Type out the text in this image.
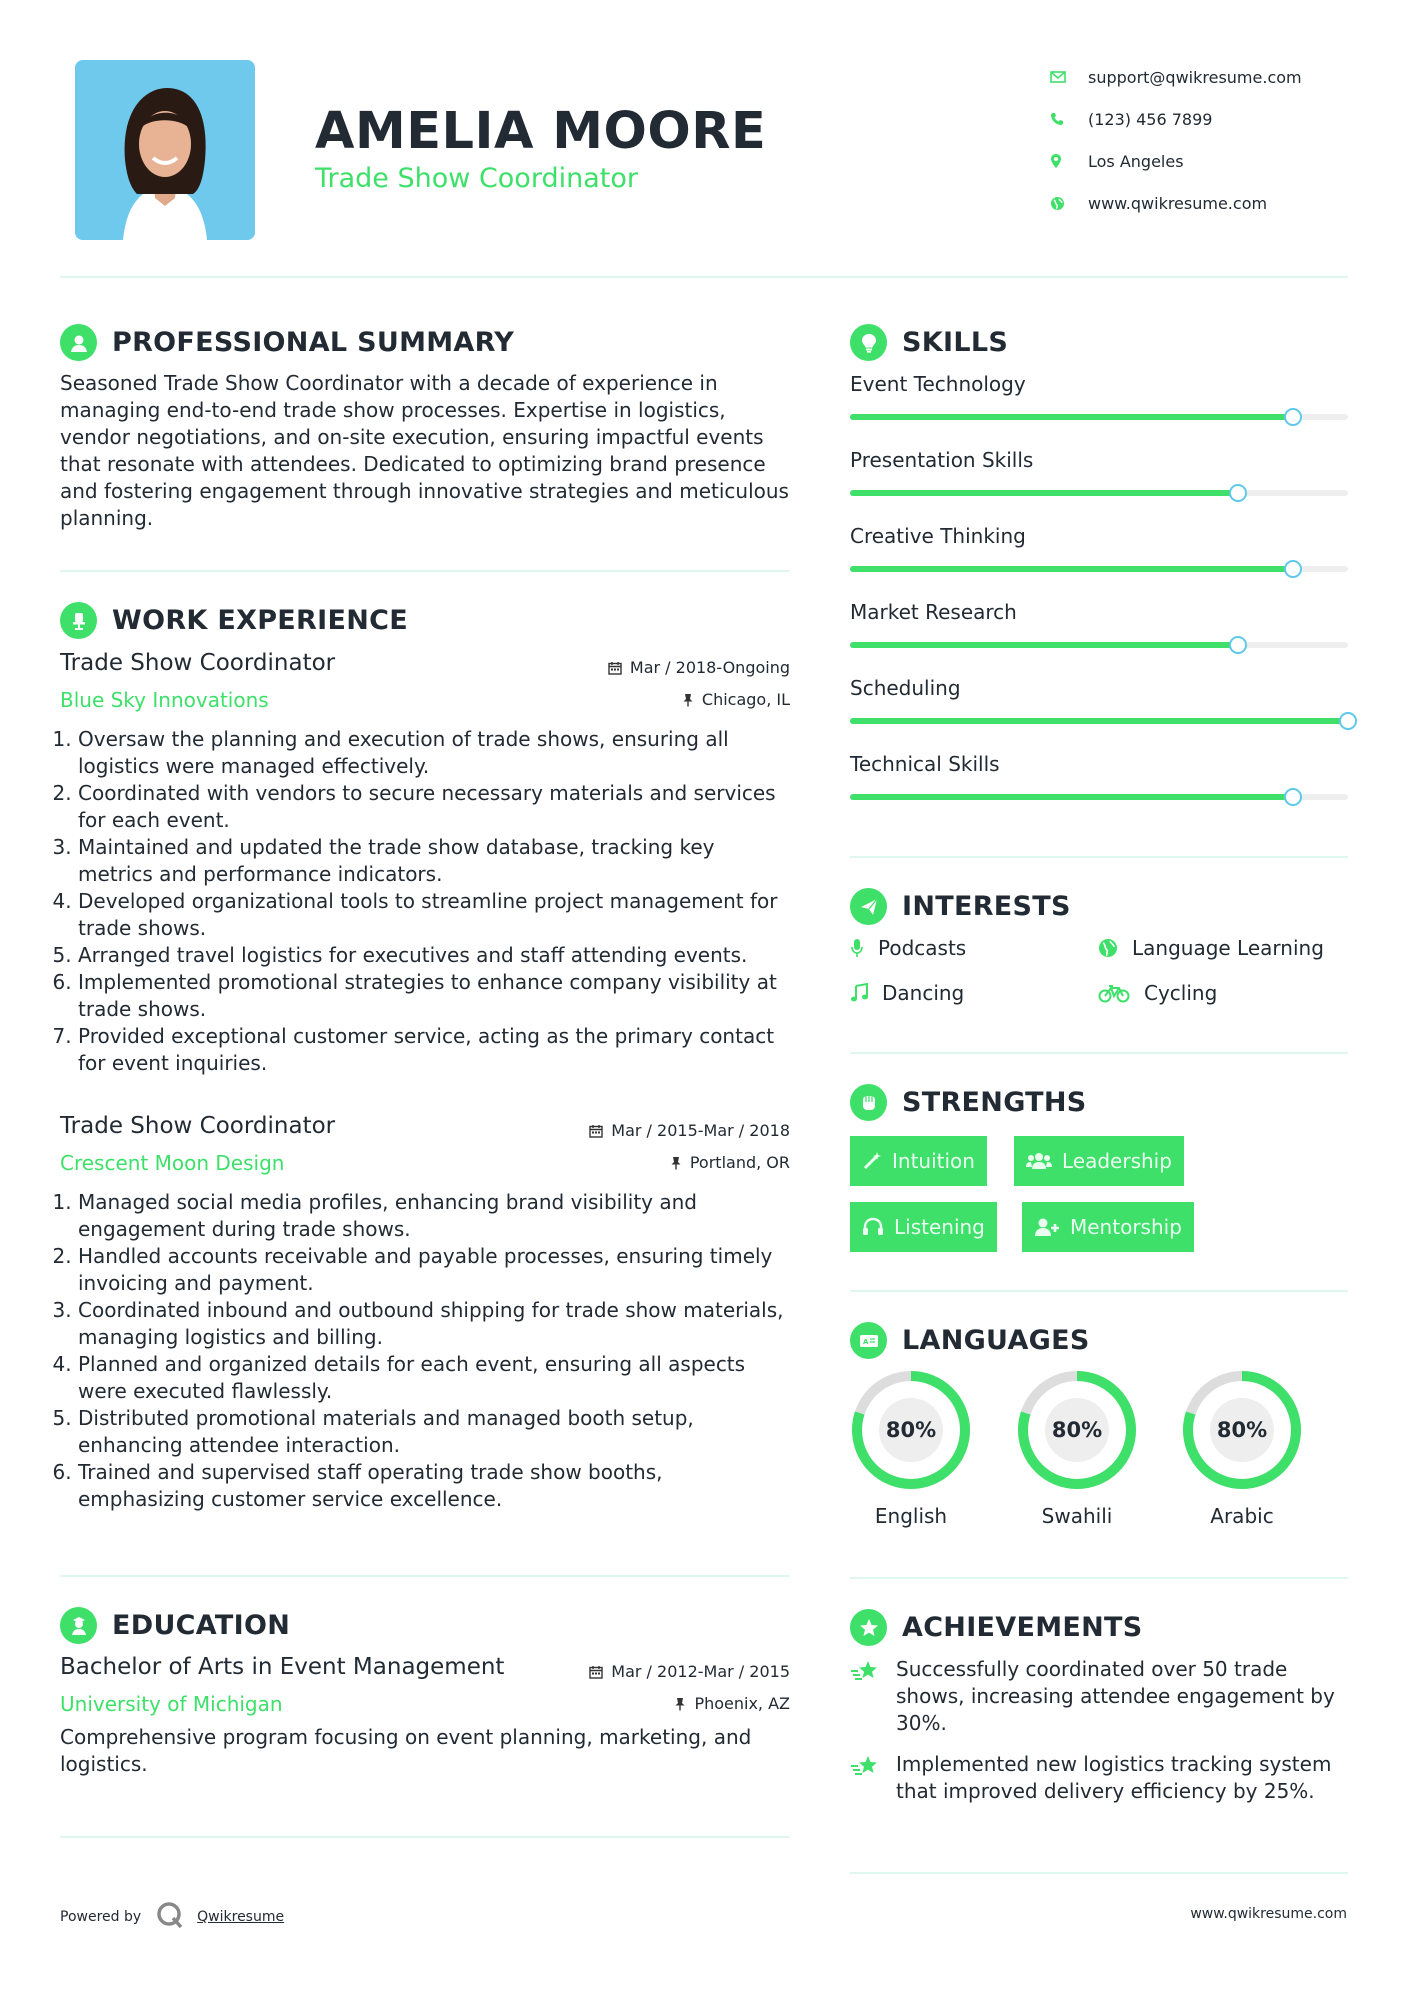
AMELIA MOORE
Trade Show Coordinator
support@qwikresume.com
(123) 456 7899
Los Angeles
www.qwikresume.com
PROFESSIONAL SUMMARY
Seasoned Trade Show Coordinator with a decade of experience in managing end-to-end trade show processes. Expertise in logistics, vendor negotiations, and on-site execution, ensuring impactful events that resonate with attendees. Dedicated to optimizing brand presence and fostering engagement through innovative strategies and meticulous planning.
WORK EXPERIENCE
Trade Show Coordinator
Blue Sky Innovations
Mar / 2018-Ongoing
Chicago, IL
1. Oversaw the planning and execution of trade shows, ensuring all logistics were managed effectively.
2. Coordinated with vendors to secure necessary materials and services for each event.
3. Maintained and updated the trade show database, tracking key metrics and performance indicators.
4. Developed organizational tools to streamline project management for trade shows.
5. Arranged travel logistics for executives and staff attending events.
6. Implemented promotional strategies to enhance company visibility at trade shows.
7. Provided exceptional customer service, acting as the primary contact for event inquiries.
Trade Show Coordinator
Crescent Moon Design
Mar / 2015-Mar / 2018
Portland, OR
1. Managed social media profiles, enhancing brand visibility and engagement during trade shows.
2. Handled accounts receivable and payable processes, ensuring timely invoicing and payment.
3. Coordinated inbound and outbound shipping for trade show materials, managing logistics and billing.
4. Planned and organized details for each event, ensuring all aspects were executed flawlessly.
5. Distributed promotional materials and managed booth setup, enhancing attendee interaction.
6. Trained and supervised staff operating trade show booths, emphasizing customer service excellence.
EDUCATION
Bachelor of Arts in Event Management
University of Michigan
Mar / 2012-Mar / 2015
Phoenix, AZ
Comprehensive program focusing on event planning, marketing, and logistics.
SKILLS
Event Technology
Presentation Skills
Creative Thinking
Market Research
Scheduling
Technical Skills
INTERESTS
Podcasts	Language Learning
Dancing	Cycling
STRENGTHS
Intuition	Leadership
Listening	Mentorship
A LANGUAGES
80%
English
80%
Swahili
80%
Arabic
ACHIEVEMENTS
Successfully coordinated over 50 trade shows, increasing attendee engagement by 30%.
Implemented new logistics tracking system that improved delivery efficiency by 25%.
Powered by	Qwikresume	www.qwikresume.com
